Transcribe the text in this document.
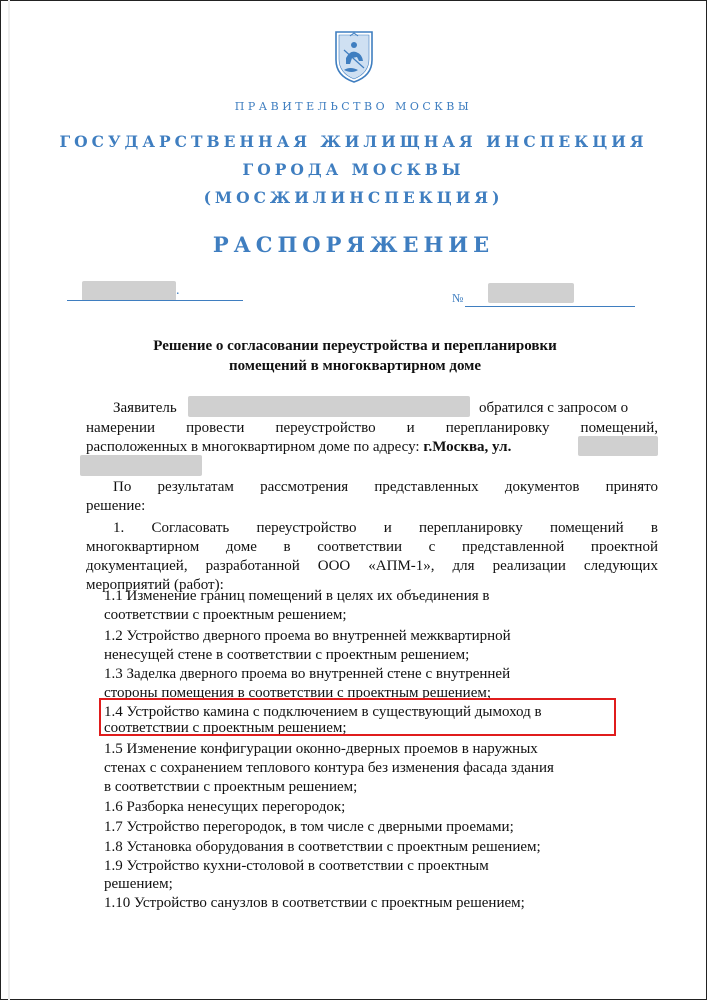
ПРАВИТЕЛЬСТВО МОСКВЫ
ГОСУДАРСТВЕННАЯ ЖИЛИЩНАЯ ИНСПЕКЦИЯ
ГОРОДА МОСКВЫ
(МОСЖИЛИНСПЕКЦИЯ)
РАСПОРЯЖЕНИЕ
.	№
Решение о согласовании переустройства и перепланировки
помещений в многоквартирном доме
Заявитель	обратился с запросом о
намерении провести переустройство и перепланировку помещений,
расположенных в многоквартирном доме по адресу: г.Москва, ул.
По результатам рассмотрения представленных документов принято
решение:
1. Согласовать переустройство и перепланировку помещений в
многоквартирном доме в соответствии с представленной проектной
документацией, разработанной ООО «АПМ-1», для реализации следующих
мероприятий (работ):
1.1 Изменение границ помещений в целях их объединения в
соответствии с проектным решением;
1.2 Устройство дверного проема во внутренней межквартирной
ненесущей стене в соответствии с проектным решением;
1.3 Заделка дверного проема во внутренней стене с внутренней
стороны помещения в соответствии с проектным решением;
1.4 Устройство камина с подключением в существующий дымоход в
соответствии с проектным решением;
1.5 Изменение конфигурации оконно-дверных проемов в наружных
стенах с сохранением теплового контура без изменения фасада здания
в соответствии с проектным решением;
1.6 Разборка ненесущих перегородок;
1.7 Устройство перегородок, в том числе с дверными проемами;
1.8 Установка оборудования в соответствии с проектным решением;
1.9 Устройство кухни-столовой в соответствии с проектным
решением;
1.10 Устройство санузлов в соответствии с проектным решением;
